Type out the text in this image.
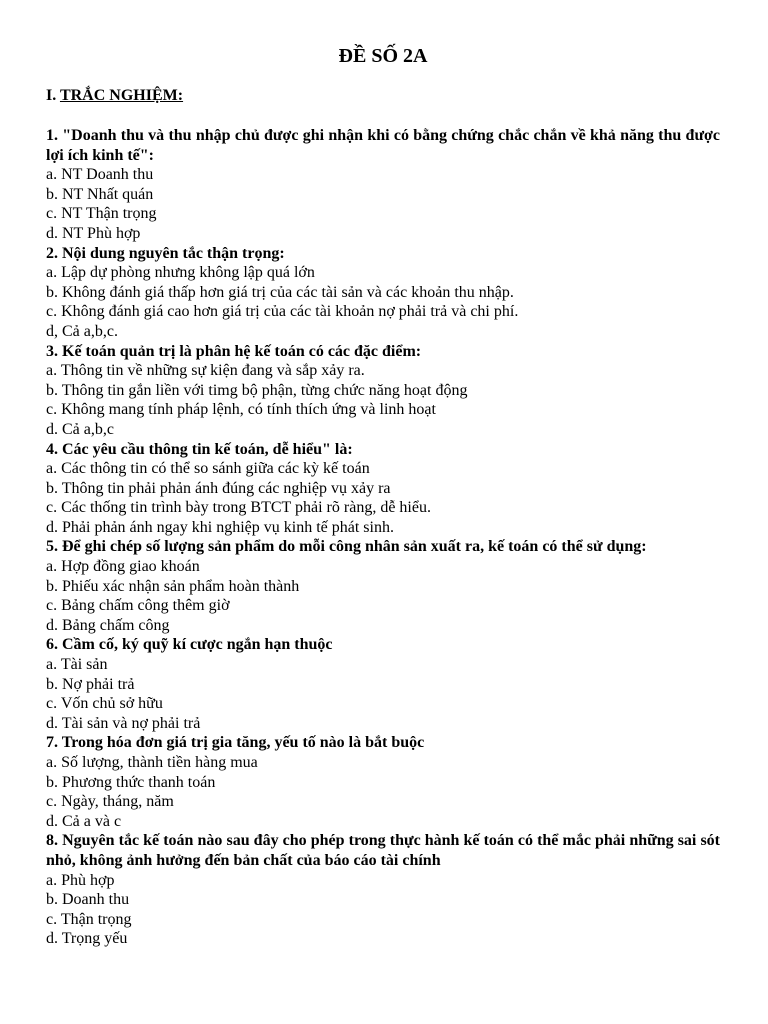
ĐỀ SỐ 2A
I. TRẮC NGHIỆM:

1. "Doanh thu và thu nhập chủ được ghi nhận khi có bằng chứng chắc chắn về khả năng thu được lợi ích kinh tế":

a. NT Doanh thu

b. NT Nhất quán

c. NT Thận trọng

d. NT Phù hợp

2. Nội dung nguyên tắc thận trọng:

a. Lập dự phòng nhưng không lập quá lớn

b. Không đánh giá thấp hơn giá trị của các tài sản và các khoản thu nhập.

c. Không đánh giá cao hơn giá trị của các tài khoản nợ phải trả và chi phí.

d, Cả a,b,c.

3. Kế toán quản trị là phân hệ kế toán có các đặc điểm:

a. Thông tin về những sự kiện đang và sắp xảy ra.

b. Thông tin gắn liền với timg bộ phận, từng chức năng hoạt động

c. Không mang tính pháp lệnh, có tính thích ứng và linh hoạt

d. Cả a,b,c

4. Các yêu cầu thông tin kế toán, dễ hiểu" là:

a. Các thông tin có thể so sánh giữa các kỳ kế toán

b. Thông tin phải phản ánh đúng các nghiệp vụ xảy ra

c. Các thống tin trình bày trong BTCT phải rõ ràng, dễ hiểu.

d. Phải phản ánh ngay khi nghiệp vụ kinh tế phát sinh.

5. Để ghi chép số lượng sản phẩm do mỗi công nhân sản xuất ra, kế toán có thể sử dụng:

a. Hợp đồng giao khoán

b. Phiếu xác nhận sản phẩm hoàn thành

c. Bảng chấm công thêm giờ

d. Bảng chấm công

6. Cầm cố, ký quỹ kí cược ngắn hạn thuộc

a. Tài sản

b. Nợ phải trả

c. Vốn chủ sở hữu

d. Tài sản và nợ phải trả

7. Trong hóa đơn giá trị gia tăng, yếu tố nào là bắt buộc

a. Số lượng, thành tiền hàng mua

b. Phương thức thanh toán

c. Ngày, tháng, năm

d. Cả a và c

8. Nguyên tắc kế toán nào sau đây cho phép trong thực hành kế toán có thể mắc phải những sai sót nhỏ, không ảnh hưởng đến bản chất của báo cáo tài chính

a. Phù hợp

b. Doanh thu

c. Thận trọng

d. Trọng yếu
